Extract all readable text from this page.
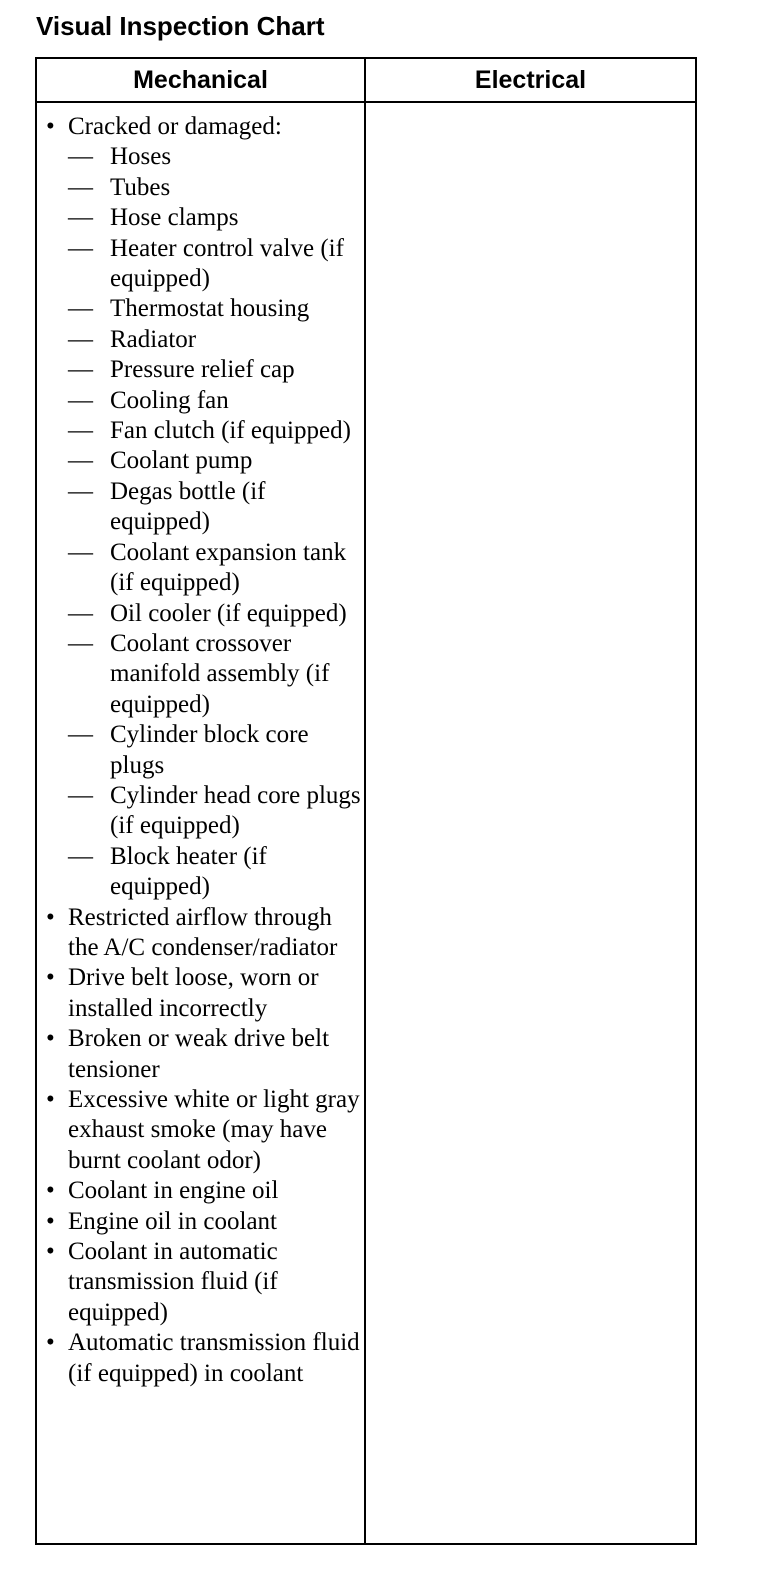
Visual Inspection Chart
Mechanical	Electrical
• Cracked or damaged:
— Hoses
— Tubes
— Hose clamps
— Heater control valve (if equipped)
— Thermostat housing
— Radiator
— Pressure relief cap
— Cooling fan
— Fan clutch (if equipped)
— Coolant pump
— Degas bottle (if equipped)
— Coolant expansion tank (if equipped)
— Oil cooler (if equipped)
— Coolant crossover manifold assembly (if equipped)
— Cylinder block core plugs
— Cylinder head core plugs (if equipped)
— Block heater (if equipped)
• Restricted airflow through the A/C condenser/radiator
• Drive belt loose, worn or installed incorrectly
• Broken or weak drive belt tensioner
• Excessive white or light gray exhaust smoke (may have burnt coolant odor)
• Coolant in engine oil
• Engine oil in coolant
• Coolant in automatic transmission fluid (if equipped)
• Automatic transmission fluid (if equipped) in coolant
